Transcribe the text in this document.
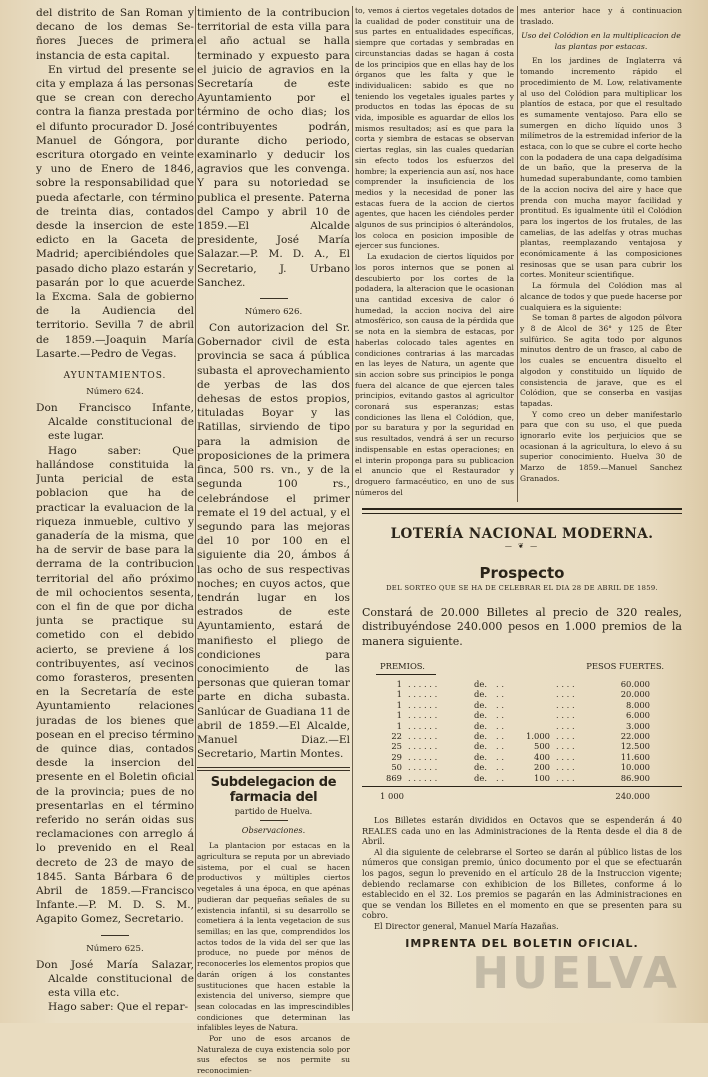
del distrito de San Roman y decano de los demas Se-ñores Jueces de primera instancia de esta capital.

En virtud del presente se cita y emplaza á las personas que se crean con derecho contra la fianza prestada por el difunto procurador D. José Manuel de Góngora, por escritura otorgado en veinte y uno de Enero de 1846, sobre la responsabilidad que pueda afectarle, con término de treinta dias, contados desde la insercion de este edicto en la Gaceta de Madrid; apercibiéndoles que pasado dicho plazo estarán y pasarán por lo que acuerde la Excma. Sala de gobierno de la Audiencia del territorio. Sevilla 7 de abril de 1859.—Joaquin María Lasarte.—Pedro de Vegas.

AYUNTAMIENTOS.
Número 624.

Don Francisco Infante, Alcalde constitucional de este lugar.

Hago saber: Que hallándose constituida la Junta pericial de esta poblacion que ha de practicar la evaluacion de la riqueza inmueble, cultivo y ganadería de la misma, que ha de servir de base para la derrama de la contribucion territorial del año próximo de mil ochocientos sesenta, con el fin de que por dicha junta se practique su cometido con el debido acierto, se previene á los contribuyentes, así vecinos como forasteros, presenten en la Secretaría de este Ayuntamiento relaciones juradas de los bienes que posean en el preciso término de quince dias, contados desde la insercion del presente en el Boletin oficial de la provincia; pues de no presentarlas en el término referido no serán oidas sus reclamaciones con arreglo á lo prevenido en el Real decreto de 23 de mayo de 1845. Santa Bárbara 6 de Abril de 1859.—Francisco Infante.—P. M. D. S. M., Agapito Gomez, Secretario.

Número 625.

Don José María Salazar, Alcalde constitucional de esta villa etc.

Hago saber: Que el repar-

timiento de la contribucion territorial de esta villa para el año actual se halla terminado y expuesto para el juicio de agravios en la Secretaría de este Ayuntamiento por el término de ocho dias; los contribuyentes podrán, durante dicho periodo, examinarlo y deducir los agravios que les convenga. Y para su notoriedad se publica el presente. Paterna del Campo y abril 10 de 1859.—El Alcalde presidente, José María Salazar.—P. M. D. A., El Secretario, J. Urbano Sanchez.

Número 626.

Con autorizacion del Sr. Gobernador civil de esta provincia se saca á pública subasta el aprovechamiento de yerbas de las dos dehesas de estos propios, tituladas Boyar y las Ratillas, sirviendo de tipo para la admision de proposiciones de la primera finca, 500 rs. vn., y de la segunda 100 rs., celebrándose el primer remate el 19 del actual, y el segundo para las mejoras del 10 por 100 en el siguiente dia 20, ámbos á las ocho de sus respectivas noches; en cuyos actos, que tendrán lugar en los estrados de este Ayuntamiento, estará de manifiesto el pliego de condiciones para conocimiento de las personas que quieran tomar parte en dicha subasta. Sanlúcar de Guadiana 11 de abril de 1859.—El Alcalde, Manuel Diaz.—El Secretario, Martin Montes.

Subdelegacion de farmacia del
partido de Huelva.
Observaciones.

La plantacion por estacas en la agricultura se reputa por un abreviado sistema, por el cual se hacen productivos y múltiples ciertos vegetales á una época, en que apénas pudieran dar pequeñas señales de su existencia infantil, si su desarrollo se cometiera á la lenta vegetacion de sus semillas; en las que, comprendidos los actos todos de la vida del ser que las produce, no puede por ménos de reconocerles los elementos propios que darán orígen á los constantes sustituciones que hacen estable la existencia del universo, siempre que sean colocadas en las imprescindibles condiciones que determinan las infalibles leyes de Natura.

Por uno de esos arcanos de Naturaleza de cuya existencia solo por sus efectos se nos permite su reconocimien-

to, vemos á ciertos vegetales dotados de la cualidad de poder constituir una de sus partes en entualidades específicas, siempre que cortadas y sembradas en circunstancias dadas se hagan á costa de los principios que en ellas hay de los órganos que les falta y que le individualicen: sabido es que no teniendo los vegetales iguales partes y productos en todas las épocas de su vida, imposible es aguardar de ellos los mismos resultados; así es que para la corta y siembra de estacas se observan ciertas reglas, sin las cuales quedarían sin efecto todos los esfuerzos del hombre; la experiencia aun así, nos hace comprender la insuficiencia de los medios y la necesidad de poner las estacas fuera de la accion de ciertos agentes, que hacen les ciéndoles perder algunos de sus principios ó alterándolos, los coloca en posicion imposible de ejercer sus funciones.

La exudacion de ciertos líquidos por los poros internos que se ponen al descubierto por los cortes de la podadera, la alteracion que le ocasionan una cantidad excesiva de calor ó humedad, la accion nociva del aire atmosférico, son causa de la pérdida que se nota en la siembra de estacas, por haberlas colocado tales agentes en condiciones contrarias á las marcadas en las leyes de Natura, un agente que sin accion sobre sus principios le ponga fuera del alcance de que ejercen tales principios, evitando gastos al agricultor coronará sus esperanzas; estas condiciones las llena el Colódion, que, por su baratura y por la seguridad en sus resultados, vendrá á ser un recurso indispensable en estas operaciones; en el interin proponga para su publicacion el anuncio que el Restaurador y droguero farmacéutico, en uno de sus números del

mes anterior hace y á continuacion traslado.

Uso del Colódion en la multiplicacion de las plantas por estacas.

En los jardines de Inglaterra vá tomando incremento rápido el procedimiento de M. Low, relativamente al uso del Colódion para multiplicar los plantíos de estaca, por que el resultado es sumamente ventajoso. Para ello se sumergen en dicho líquido unos 3 milímetros de la estremidad inferior de la estaca, con lo que se cubre el corte hecho con la podadera de una capa delgadísima de un baño, que la preserva de la humedad superabundante, como tambien de la accion nociva del aire y hace que prenda con mucha mayor facilidad y prontitud. Es igualmente útil el Colódion para los ingertos de los frutales, de las camelias, de las adelfas y otras muchas plantas, reemplazando ventajosa y económicamente á las composiciones resinosas que se usan para cubrir los cortes. Moniteur scientifique.

La fórmula del Colódion mas al alcance de todos y que puede hacerse por cualquiera es la siguiente:

Se toman 8 partes de algodon pólvora y 8 de Alcol de 36° y 125 de Éter sulfúrico. Se agita todo por algunos minutos dentro de un frasco, al cabo de los cuales se encuentra disuelto el algodon y constituido un líquido de consistencia de jarave, que es el Colódion, que se conserba en vasijas tapadas.

Y como creo un deber manifestarlo para que con su uso, el que pueda ignorarlo evite los perjuicios que se ocasionan á la agricultura, lo elevo á su superior conocimiento. Huelva 30 de Marzo de 1859.—Manuel Sanchez Granados.

LOTERÍA NACIONAL MODERNA.
— ❦ —
Prospecto
DEL SORTEO QUE SE HA DE CELEBRAR EL DIA 28 DE ABRIL DE 1859.

Constará de 20.000 Billetes al precio de 320 reales, distribuyéndose 240.000 pesos en 1.000 premios de la manera siguiente.

PREMIOS.	PESOS FUERTES.
1	. . . . . .	de.	. .		. . . .	60.000
1	. . . . . .	de.	. .		. . . .	20.000
1	. . . . . .	de.	. .		. . . .	8.000
1	. . . . . .	de.	. .		. . . .	6.000
1	. . . . . .	de.	. .		. . . .	3.000
22	. . . . . .	de.	. .	1.000	. . . .	22.000
25	. . . . . .	de.	. .	500	. . . .	12.500
29	. . . . . .	de.	. .	400	. . . .	11.600
50	. . . . . .	de.	. .	200	. . . .	10.000
869	. . . . . .	de.	. .	100	. . . .	86.900
1 000	240.000

Los Billetes estarán divididos en Octavos que se espenderán á 40 REALES cada uno en las Administraciones de la Renta desde el dia 8 de Abril.

Al dia siguiente de celebrarse el Sorteo se darán al público listas de los números que consigan premio, único documento por el que se efectuarán los pagos, segun lo prevenido en el artículo 28 de la Instruccion vigente; debiendo reclamarse con exhibicion de los Billetes, conforme á lo establecido en el 32. Los premios se pagarán en las Administraciones en que se vendan los Billetes en el momento en que se presenten para su cobro.

El Director general, Manuel María Hazañas.

IMPRENTA DEL BOLETIN OFICIAL.
HUELVA
